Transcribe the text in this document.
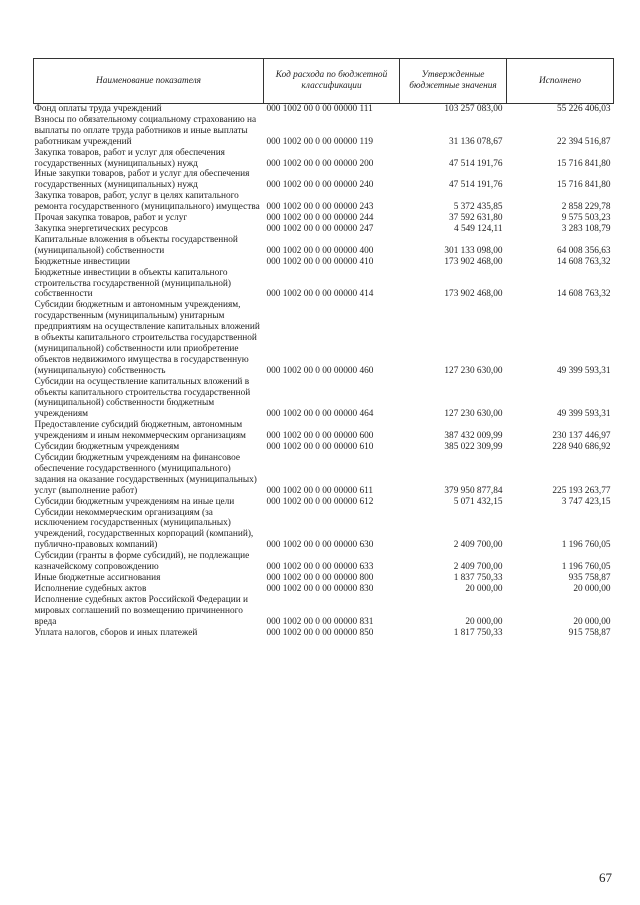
Наименование показателя	Код расхода по бюджетной классификации	Утвержденные бюджетные значения	Исполнено
Фонд оплаты труда учреждений	000 1002 00 0 00 00000 111	103 257 083,00	55 226 406,03
Взносы по обязательному социальному страхованию на выплаты по оплате труда работников и иные выплаты работникам учреждений	000 1002 00 0 00 00000 119	31 136 078,67	22 394 516,87
Закупка товаров, работ и услуг для обеспечения государственных (муниципальных) нужд	000 1002 00 0 00 00000 200	47 514 191,76	15 716 841,80
Иные закупки товаров, работ и услуг для обеспечения государственных (муниципальных) нужд	000 1002 00 0 00 00000 240	47 514 191,76	15 716 841,80
Закупка товаров, работ, услуг в целях капитального ремонта государственного (муниципального) имущества	000 1002 00 0 00 00000 243	5 372 435,85	2 858 229,78
Прочая закупка товаров, работ и услуг	000 1002 00 0 00 00000 244	37 592 631,80	9 575 503,23
Закупка энергетических ресурсов	000 1002 00 0 00 00000 247	4 549 124,11	3 283 108,79
Капитальные вложения в объекты государственной (муниципальной) собственности	000 1002 00 0 00 00000 400	301 133 098,00	64 008 356,63
Бюджетные инвестиции	000 1002 00 0 00 00000 410	173 902 468,00	14 608 763,32
Бюджетные инвестиции в объекты капитального строительства государственной (муниципальной) собственности	000 1002 00 0 00 00000 414	173 902 468,00	14 608 763,32
Субсидии бюджетным и автономным учреждениям, государственным (муниципальным) унитарным предприятиям на осуществление капитальных вложений в объекты капитального строительства государственной (муниципальной) собственности или приобретение объектов недвижимого имущества в государственную (муниципальную) собственность	000 1002 00 0 00 00000 460	127 230 630,00	49 399 593,31
Субсидии на осуществление капитальных вложений в объекты капитального строительства государственной (муниципальной) собственности бюджетным учреждениям	000 1002 00 0 00 00000 464	127 230 630,00	49 399 593,31
Предоставление субсидий бюджетным, автономным учреждениям и иным некоммерческим организациям	000 1002 00 0 00 00000 600	387 432 009,99	230 137 446,97
Субсидии бюджетным учреждениям	000 1002 00 0 00 00000 610	385 022 309,99	228 940 686,92
Субсидии бюджетным учреждениям на финансовое обеспечение государственного (муниципального) задания на оказание государственных (муниципальных) услуг (выполнение работ)	000 1002 00 0 00 00000 611	379 950 877,84	225 193 263,77
Субсидии бюджетным учреждениям на иные цели	000 1002 00 0 00 00000 612	5 071 432,15	3 747 423,15
Субсидии некоммерческим организациям (за исключением государственных (муниципальных) учреждений, государственных корпораций (компаний), публично-правовых компаний)	000 1002 00 0 00 00000 630	2 409 700,00	1 196 760,05
Субсидии (гранты в форме субсидий), не подлежащие казначейскому сопровождению	000 1002 00 0 00 00000 633	2 409 700,00	1 196 760,05
Иные бюджетные ассигнования	000 1002 00 0 00 00000 800	1 837 750,33	935 758,87
Исполнение судебных актов	000 1002 00 0 00 00000 830	20 000,00	20 000,00
Исполнение судебных актов Российской Федерации и мировых соглашений по возмещению причиненного вреда	000 1002 00 0 00 00000 831	20 000,00	20 000,00
Уплата налогов, сборов и иных платежей	000 1002 00 0 00 00000 850	1 817 750,33	915 758,87
67
